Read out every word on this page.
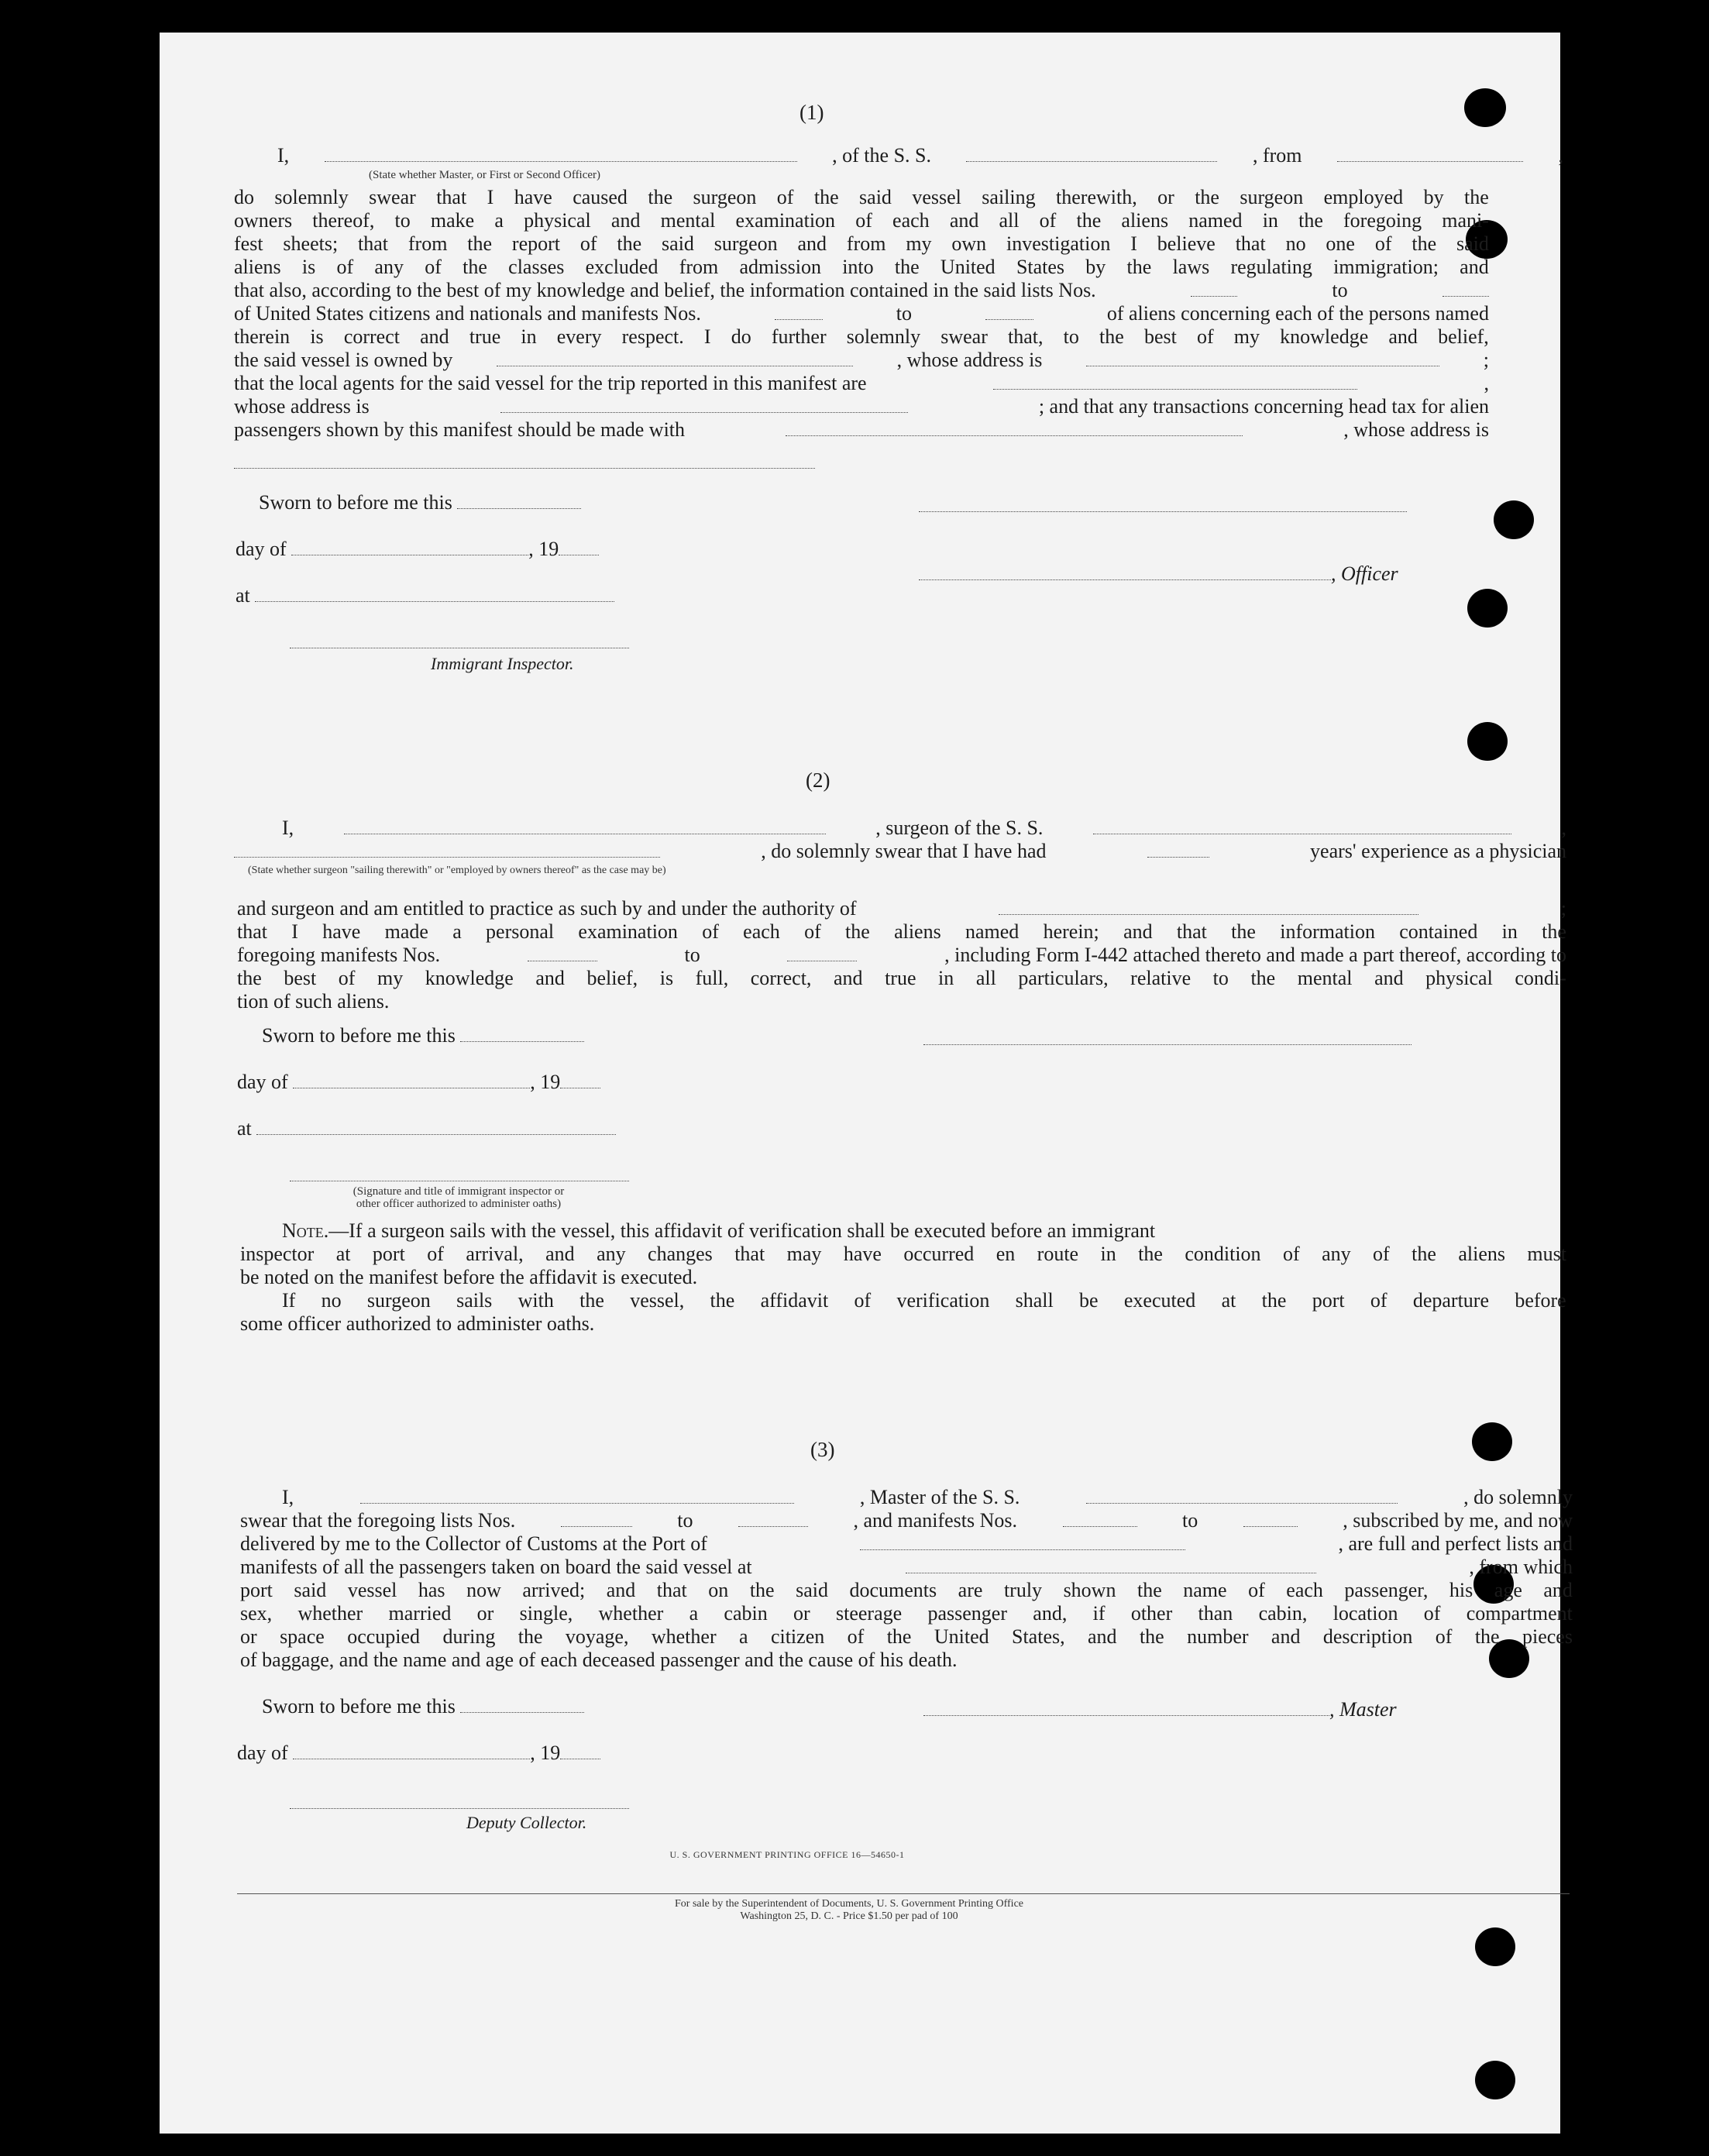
(1)
I,	, of the S. S.	, from	,
(State whether Master, or First or Second Officer)
do solemnly swear that I have caused the surgeon of the said vessel sailing therewith, or the surgeon employed by the
owners thereof, to make a physical and mental examination of each and all of the aliens named in the foregoing mani-
fest sheets; that from the report of the said surgeon and from my own investigation I believe that no one of the said
aliens is of any of the classes excluded from admission into the United States by the laws regulating immigration; and
that also, according to the best of my knowledge and belief, the information contained in the said lists Nos.	to
of United States citizens and nationals and manifests Nos.	to	of aliens concerning each of the persons named
therein is correct and true in every respect. I do further solemnly swear that, to the best of my knowledge and belief,
the said vessel is owned by	, whose address is	;
that the local agents for the said vessel for the trip reported in this manifest are	,
whose address is	; and that any transactions concerning head tax for alien
passengers shown by this manifest should be made with	, whose address is
Sworn to before me this
day of	, 19
, Officer
at
Immigrant Inspector.
(2)
I,	, surgeon of the S. S.	,
, do solemnly swear that I have had	years' experience as a physician
(State whether surgeon "sailing therewith" or "employed by owners thereof" as the case may be)
and surgeon and am entitled to practice as such by and under the authority of	;
that I have made a personal examination of each of the aliens named herein; and that the information contained in the
foregoing manifests Nos.	to	, including Form I-442 attached thereto and made a part thereof, according to
the best of my knowledge and belief, is full, correct, and true in all particulars, relative to the mental and physical condi-
tion of such aliens.
Sworn to before me this
day of	, 19
at
(Signature and title of immigrant inspector or
other officer authorized to administer oaths)
Note. —If a surgeon sails with the vessel, this affidavit of verification shall be executed before an immigrant
inspector at port of arrival, and any changes that may have occurred en route in the condition of any of the aliens must
be noted on the manifest before the affidavit is executed.
If no surgeon sails with the vessel, the affidavit of verification shall be executed at the port of departure before
some officer authorized to administer oaths.
(3)
I,	, Master of the S. S.	, do solemnly
swear that the foregoing lists Nos.	to	, and manifests Nos.	to	, subscribed by me, and now
delivered by me to the Collector of Customs at the Port of	, are full and perfect lists and
manifests of all the passengers taken on board the said vessel at	, from which
port said vessel has now arrived; and that on the said documents are truly shown the name of each passenger, his age and
sex, whether married or single, whether a cabin or steerage passenger and, if other than cabin, location of compartment
or space occupied during the voyage, whether a citizen of the United States, and the number and description of the pieces
of baggage, and the name and age of each deceased passenger and the cause of his death.
Sworn to before me this	, Master
day of	, 19
Deputy Collector.
U. S. GOVERNMENT PRINTING OFFICE 16—54650-1
For sale by the Superintendent of Documents, U. S. Government Printing Office
Washington 25, D. C. - Price $1.50 per pad of 100
